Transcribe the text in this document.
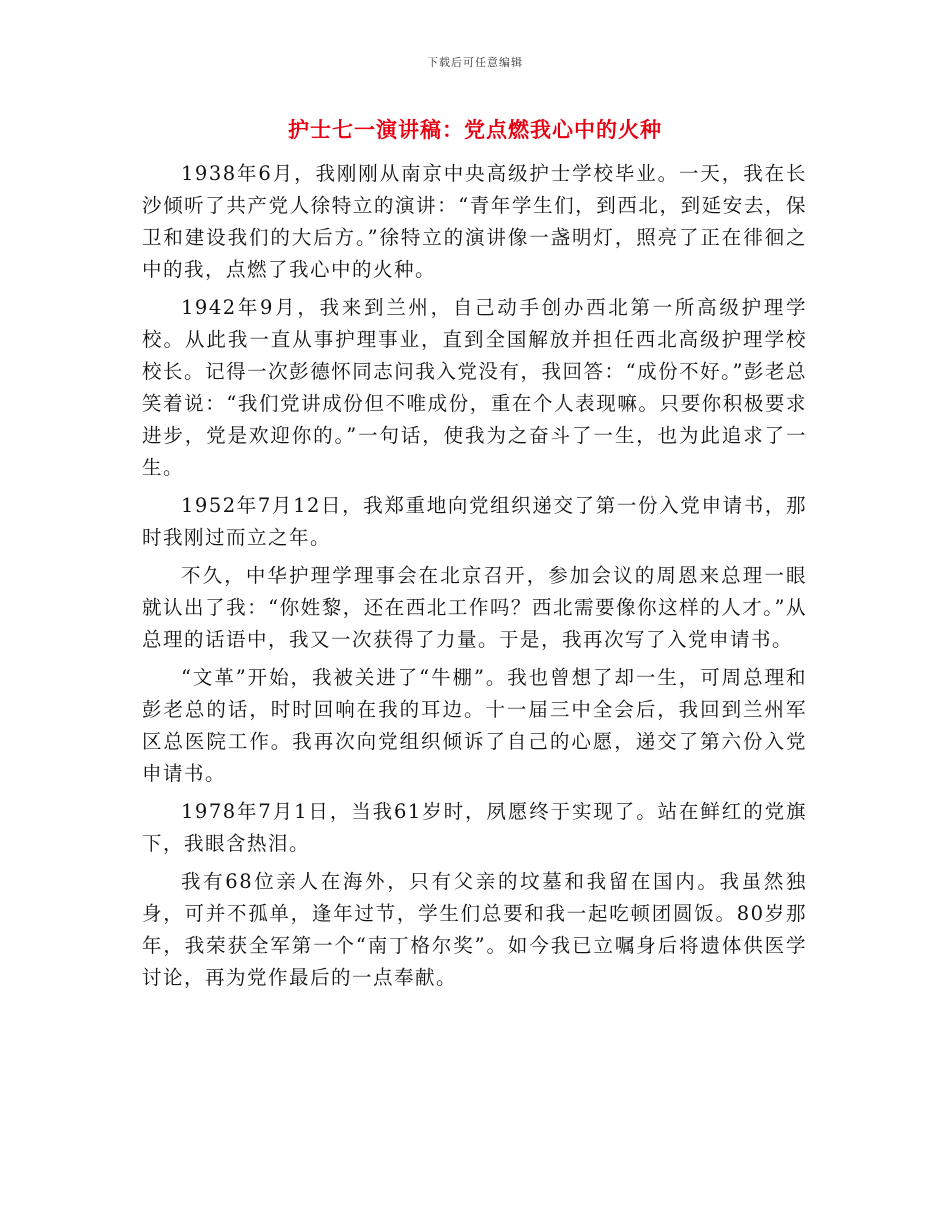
下载后可任意编辑
护士七一演讲稿：党点燃我心中的火种

1938年6月，我刚刚从南京中央高级护士学校毕业。一天，我在长沙倾听了共产党人徐特立的演讲：“青年学生们，到西北，到延安去，保卫和建设我们的大后方。”徐特立的演讲像一盏明灯，照亮了正在徘徊之中的我，点燃了我心中的火种。

1942年9月，我来到兰州，自己动手创办西北第一所高级护理学校。从此我一直从事护理事业，直到全国解放并担任西北高级护理学校校长。记得一次彭德怀同志问我入党没有，我回答：“成份不好。”彭老总笑着说：“我们党讲成份但不唯成份，重在个人表现嘛。只要你积极要求进步，党是欢迎你的。”一句话，使我为之奋斗了一生，也为此追求了一生。

1952年7月12日，我郑重地向党组织递交了第一份入党申请书，那时我刚过而立之年。

不久，中华护理学理事会在北京召开，参加会议的周恩来总理一眼就认出了我：“你姓黎，还在西北工作吗？西北需要像你这样的人才。”从总理的话语中，我又一次获得了力量。于是，我再次写了入党申请书。

“文革”开始，我被关进了“牛棚”。我也曾想了却一生，可周总理和彭老总的话，时时回响在我的耳边。十一届三中全会后，我回到兰州军区总医院工作。我再次向党组织倾诉了自己的心愿，递交了第六份入党申请书。

1978年7月1日，当我61岁时，夙愿终于实现了。站在鲜红的党旗下，我眼含热泪。

我有68位亲人在海外，只有父亲的坟墓和我留在国内。我虽然独身，可并不孤单，逢年过节，学生们总要和我一起吃顿团圆饭。80岁那年，我荣获全军第一个“南丁格尔奖”。如今我已立嘱身后将遗体供医学讨论，再为党作最后的一点奉献。
